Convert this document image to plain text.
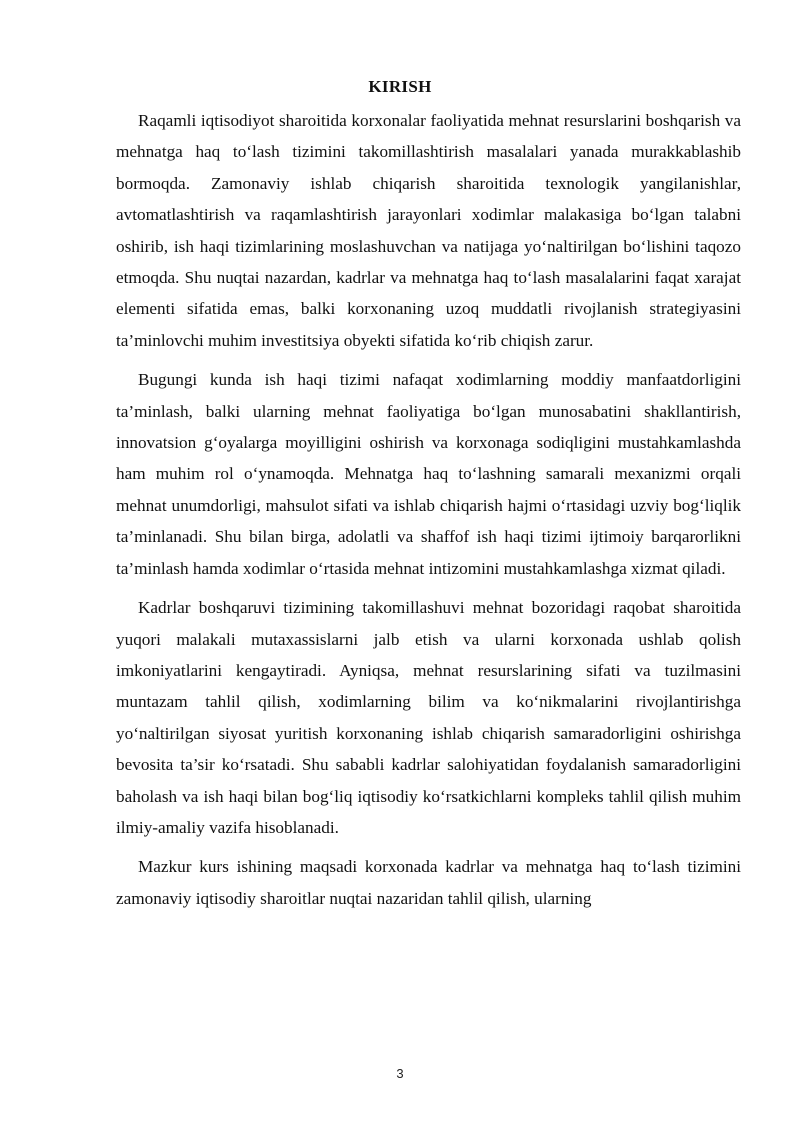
KIRISH

Raqamli iqtisodiyot sharoitida korxonalar faoliyatida mehnat resurslarini boshqarish va mehnatga haq to‘lash tizimini takomillashtirish masalalari yanada murakkablashib bormoqda. Zamonaviy ishlab chiqarish sharoitida texnologik yangilanishlar, avtomatlashtirish va raqamlashtirish jarayonlari xodimlar malakasiga bo‘lgan talabni oshirib, ish haqi tizimlarining moslashuvchan va natijaga yo‘naltirilgan bo‘lishini taqozo etmoqda. Shu nuqtai nazardan, kadrlar va mehnatga haq to‘lash masalalarini faqat xarajat elementi sifatida emas, balki korxonaning uzoq muddatli rivojlanish strategiyasini ta’minlovchi muhim investitsiya obyekti sifatida ko‘rib chiqish zarur.

Bugungi kunda ish haqi tizimi nafaqat xodimlarning moddiy manfaatdorligini ta’minlash, balki ularning mehnat faoliyatiga bo‘lgan munosabatini shakllantirish, innovatsion g‘oyalarga moyilligini oshirish va korxonaga sodiqligini mustahkamlashda ham muhim rol o‘ynamoqda. Mehnatga haq to‘lashning samarali mexanizmi orqali mehnat unumdorligi, mahsulot sifati va ishlab chiqarish hajmi o‘rtasidagi uzviy bog‘liqlik ta’minlanadi. Shu bilan birga, adolatli va shaffof ish haqi tizimi ijtimoiy barqarorlikni ta’minlash hamda xodimlar o‘rtasida mehnat intizomini mustahkamlashga xizmat qiladi.

Kadrlar boshqaruvi tizimining takomillashuvi mehnat bozoridagi raqobat sharoitida yuqori malakali mutaxassislarni jalb etish va ularni korxonada ushlab qolish imkoniyatlarini kengaytiradi. Ayniqsa, mehnat resurslarining sifati va tuzilmasini muntazam tahlil qilish, xodimlarning bilim va ko‘nikmalarini rivojlantirishga yo‘naltirilgan siyosat yuritish korxonaning ishlab chiqarish samaradorligini oshirishga bevosita ta’sir ko‘rsatadi. Shu sababli kadrlar salohiyatidan foydalanish samaradorligini baholash va ish haqi bilan bog‘liq iqtisodiy ko‘rsatkichlarni kompleks tahlil qilish muhim ilmiy-amaliy vazifa hisoblanadi.

Mazkur kurs ishining maqsadi korxonada kadrlar va mehnatga haq to‘lash tizimini zamonaviy iqtisodiy sharoitlar nuqtai nazaridan tahlil qilish, ularning

3
